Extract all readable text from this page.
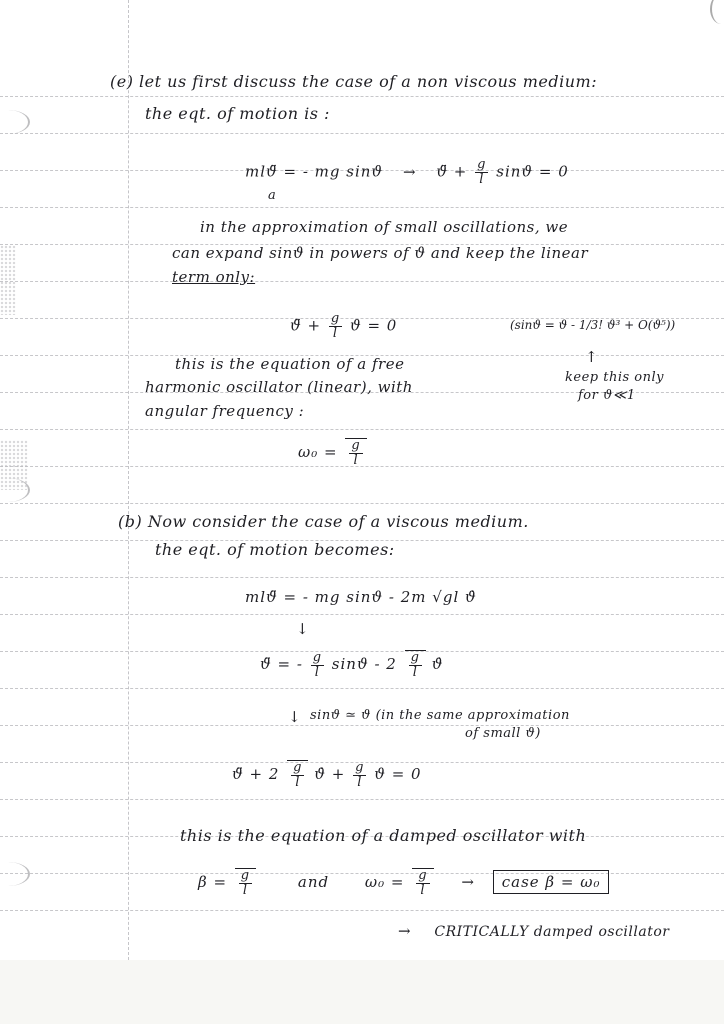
(e) let us first discuss the case of a non viscous medium:
the eqt. of motion is :
mlϑ̈ = - mg sinϑ → ϑ̈ + $\frac{g}{l}$ sinϑ = 0
a
in the approximation of small oscillations, we
can expand sinϑ in powers of ϑ and keep the linear
term only:
ϑ̈ + $\frac{g}{l}$ ϑ = 0	(sinϑ = ϑ - 1/3! ϑ³ + O(ϑ⁵))
↑
keep this only
for ϑ≪1
this is the equation of a free
harmonic oscillator (linear), with
angular frequency :
$\omega_0 = \frac{g}{l}$
(b) Now consider the case of a viscous medium.
the eqt. of motion becomes:
mlϑ̈ = - mg sinϑ - 2m √gl ϑ̇
↓
ϑ̈ = - $\frac{g}{l}$ sinϑ - $2 \frac{g}{l}$ ϑ̇
↓ sinϑ ≃ ϑ (in the same approximation
of small ϑ)
ϑ̈ + $2 \frac{g}{l}$ ϑ̇ + $\frac{g}{l}$ ϑ = 0
this is the equation of a damped oscillator with
$\beta = \frac{g}{l}$	and $\omega_0 = \frac{g}{l}$ → case β = ω₀
→ CRITICALLY damped oscillator
